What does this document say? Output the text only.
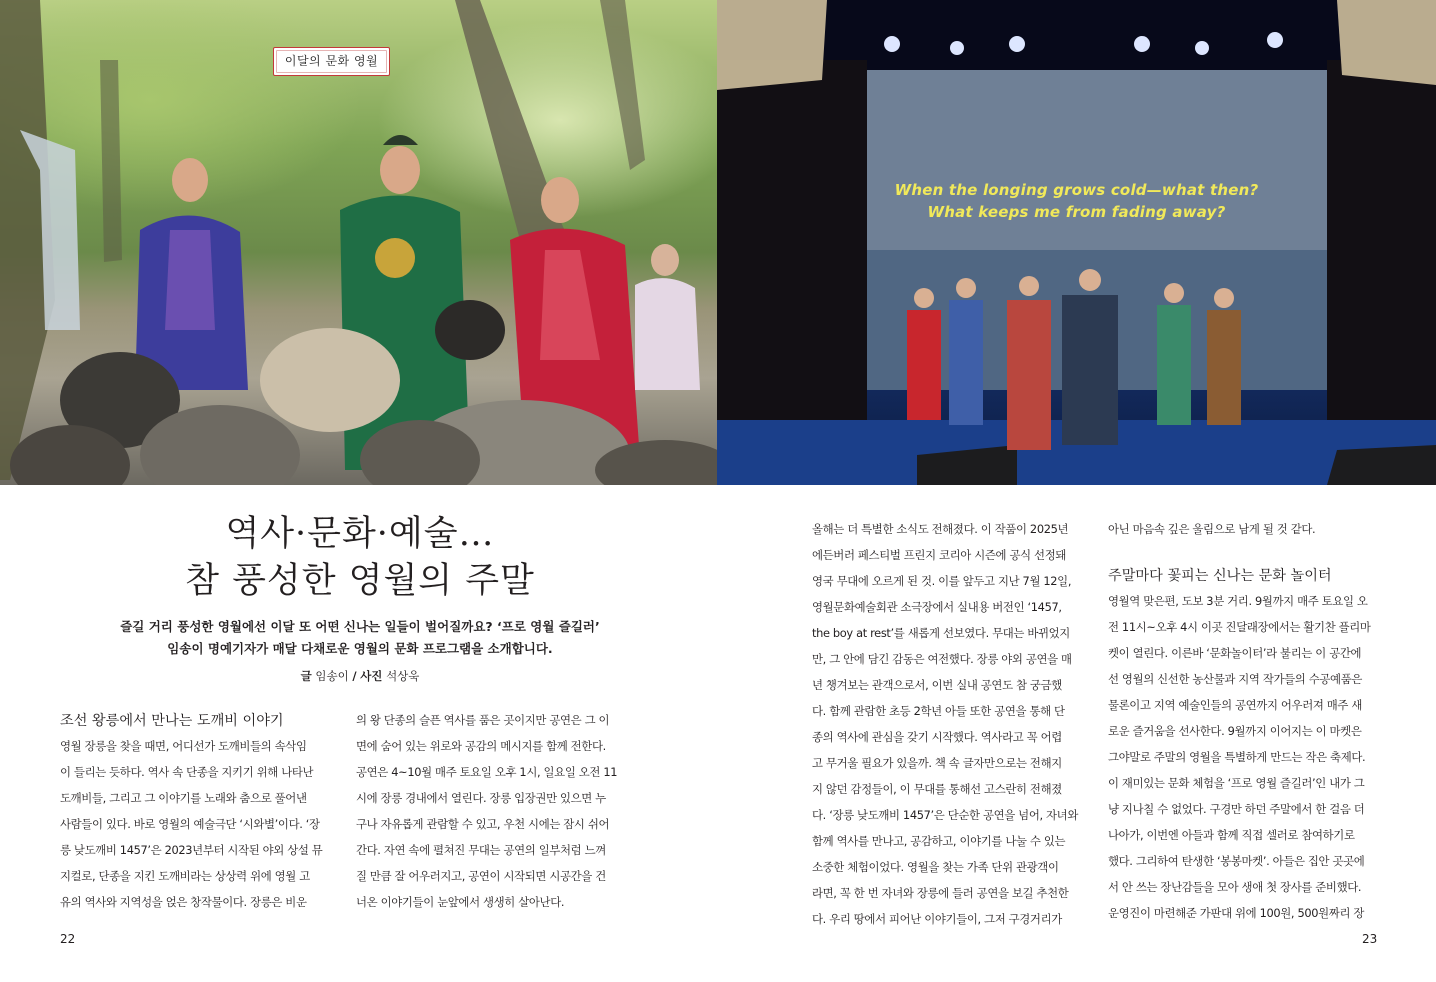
이달의 문화 영월
When the longing grows cold—what then?
What keeps me from fading away?
역사·문화·예술…
참 풍성한 영월의 주말
즐길 거리 풍성한 영월에선 이달 또 어떤 신나는 일들이 벌어질까요? ‘프로 영월 즐길러’
임송이 명예기자가 매달 다채로운 영월의 문화 프로그램을 소개합니다.
글 임송이 / 사진 석상욱
조선 왕릉에서 만나는 도깨비 이야기
주말마다 꽃피는 신나는 문화 놀이터
영월 장릉을 찾을 때면, 어디선가 도깨비들의 속삭임
이 들리는 듯하다. 역사 속 단종을 지키기 위해 나타난
도깨비들, 그리고 그 이야기를 노래와 춤으로 풀어낸
사람들이 있다. 바로 영월의 예술극단 ‘시와별’이다. ‘장
릉 낮도깨비 1457’은 2023년부터 시작된 야외 상설 뮤
지컬로, 단종을 지킨 도깨비라는 상상력 위에 영월 고
유의 역사와 지역성을 얹은 창작물이다. 장릉은 비운
의 왕 단종의 슬픈 역사를 품은 곳이지만 공연은 그 이
면에 숨어 있는 위로와 공감의 메시지를 함께 전한다.
공연은 4~10월 매주 토요일 오후 1시, 일요일 오전 11
시에 장릉 경내에서 열린다. 장릉 입장권만 있으면 누
구나 자유롭게 관람할 수 있고, 우천 시에는 잠시 쉬어
간다. 자연 속에 펼쳐진 무대는 공연의 일부처럼 느껴
질 만큼 잘 어우러지고, 공연이 시작되면 시공간을 건
너온 이야기들이 눈앞에서 생생히 살아난다.
올해는 더 특별한 소식도 전해졌다. 이 작품이 2025년
에든버러 페스티벌 프린지 코리아 시즌에 공식 선정돼
영국 무대에 오르게 된 것. 이를 앞두고 지난 7월 12일,
영월문화예술회관 소극장에서 실내용 버전인 ‘1457,
the boy at rest’를 새롭게 선보였다. 무대는 바뀌었지
만, 그 안에 담긴 감동은 여전했다. 장릉 야외 공연을 매
년 챙겨보는 관객으로서, 이번 실내 공연도 참 궁금했
다. 함께 관람한 초등 2학년 아들 또한 공연을 통해 단
종의 역사에 관심을 갖기 시작했다. 역사라고 꼭 어렵
고 무거울 필요가 있을까. 책 속 글자만으로는 전해지
지 않던 감정들이, 이 무대를 통해선 고스란히 전해졌
다. ‘장릉 낮도깨비 1457’은 단순한 공연을 넘어, 자녀와
함께 역사를 만나고, 공감하고, 이야기를 나눌 수 있는
소중한 체험이었다. 영월을 찾는 가족 단위 관광객이
라면, 꼭 한 번 자녀와 장릉에 들러 공연을 보길 추천한
다. 우리 땅에서 피어난 이야기들이, 그저 구경거리가
아닌 마음속 깊은 울림으로 남게 될 것 같다.
영월역 맞은편, 도보 3분 거리. 9월까지 매주 토요일 오
전 11시~오후 4시 이곳 진달래장에서는 활기찬 플리마
켓이 열린다. 이른바 ‘문화놀이터’라 불리는 이 공간에
선 영월의 신선한 농산물과 지역 작가들의 수공예품은
물론이고 지역 예술인들의 공연까지 어우러져 매주 새
로운 즐거움을 선사한다. 9월까지 이어지는 이 마켓은
그야말로 주말의 영월을 특별하게 만드는 작은 축제다.
이 재미있는 문화 체험을 ‘프로 영월 즐길러’인 내가 그
냥 지나칠 수 없었다. 구경만 하던 주말에서 한 걸음 더
나아가, 이번엔 아들과 함께 직접 셀러로 참여하기로
했다. 그리하여 탄생한 ‘봉봉마켓’. 아들은 집안 곳곳에
서 안 쓰는 장난감들을 모아 생애 첫 장사를 준비했다.
운영진이 마련해준 가판대 위에 100원, 500원짜리 장
22	23
